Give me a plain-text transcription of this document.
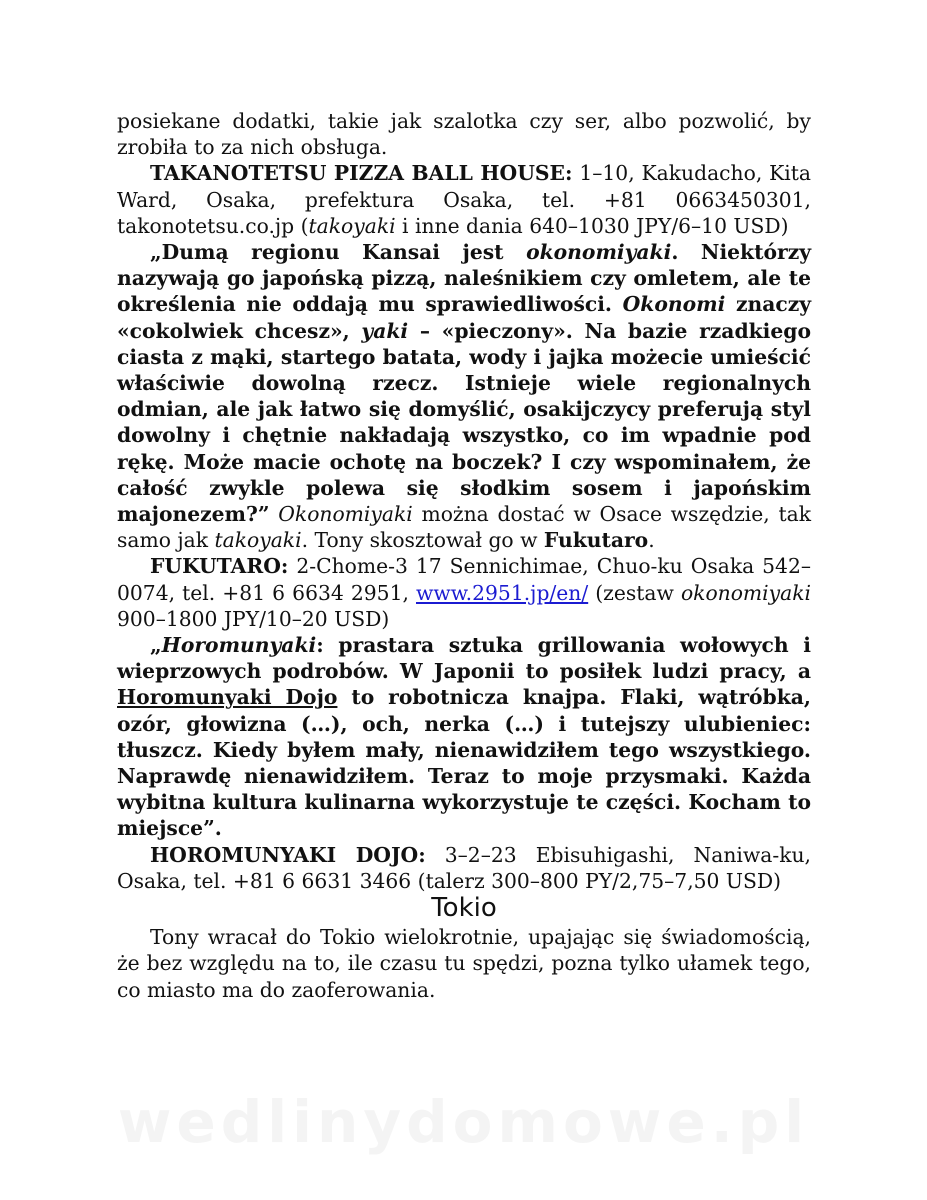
posiekane dodatki, takie jak szalotka czy ser, albo pozwolić, by zrobiła to za nich obsługa.

TAKANOTETSU PIZZA BALL HOUSE: 1–10, Kakudacho, Kita Ward, Osaka, prefektura Osaka, tel. +81 0663450301, takonotetsu.co.jp (takoyaki i inne dania 640–1030 JPY/6–10 USD)

„Dumą regionu Kansai jest okonomiyaki. Niektórzy nazywają go japońską pizzą, naleśnikiem czy omletem, ale te określenia nie oddają mu sprawiedliwości. Okonomi znaczy «cokolwiek chcesz», yaki – «pieczony». Na bazie rzadkiego ciasta z mąki, startego batata, wody i jajka możecie umieścić właściwie dowolną rzecz. Istnieje wiele regionalnych odmian, ale jak łatwo się domyślić, osakijczycy preferują styl dowolny i chętnie nakładają wszystko, co im wpadnie pod rękę. Może macie ochotę na boczek? I czy wspominałem, że całość zwykle polewa się słodkim sosem i japońskim majonezem?” Okonomiyaki można dostać w Osace wszędzie, tak samo jak takoyaki. Tony skosztował go w Fukutaro.

FUKUTARO: 2-Chome-3 17 Sennichimae, Chuo-ku Osaka 542–0074, tel. +81 6 6634 2951, www.2951.jp/en/ (zestaw okonomiyaki 900–1800 JPY/10–20 USD)

„Horomunyaki: prastara sztuka grillowania wołowych i wieprzowych podrobów. W Japonii to posiłek ludzi pracy, a Horomunyaki Dojo to robotnicza knajpa. Flaki, wątróbka, ozór, głowizna (…), och, nerka (…) i tutejszy ulubieniec: tłuszcz. Kiedy byłem mały, nienawidziłem tego wszystkiego. Naprawdę nienawidziłem. Teraz to moje przysmaki. Każda wybitna kultura kulinarna wykorzystuje te części. Kocham to miejsce”.

HOROMUNYAKI DOJO: 3–2–23 Ebisuhigashi, Naniwa-ku, Osaka, tel. +81 6 6631 3466 (talerz 300–800 PY/2,75–7,50 USD)

Tokio

Tony wracał do Tokio wielokrotnie, upajając się świadomością, że bez względu na to, ile czasu tu spędzi, pozna tylko ułamek tego, co miasto ma do zaoferowania.

wedlinydomowe.pl
